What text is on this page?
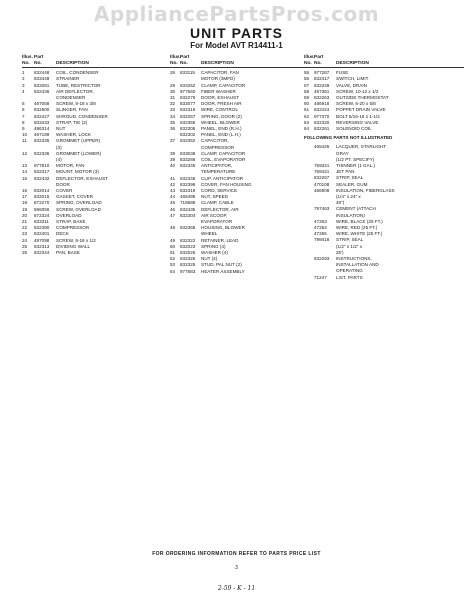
AppliancePartsPros.com
UNIT PARTS
For Model AVT R14411-1
Illus. Part
No. No.	DESCRIPTION
1	832448	COIL, CONDENSER
2	833449	STRAINER
3	833281	TUBE, RESTRICTOR
4	832436	AIR DEFLECTOR,
CONDENSER
5	487058	SCREW, 8-18 x 3/8
6	832500	SLINGER, FAN
7	832427	SHROUD, CONDENSER
8	833433	STRAP, TIE (2)
9	486314	NUT
10	467199	WASHER, LOCK
11	832335	GROMMET (UPPER)
(3)
12	832336	GROMMET (LOWER)
(4)
13	977810	MOTOR, FAN
14	832317	MOUNT, MOTOR (3)
15	832432	DEFLECTOR, EXHAUST
DOOR
16	832014	COVER
17	832015	GASKET, COVER
18	872270	SPRING, OVERLOAD
19	596056	SCREW, OVERLOAD
20	872324	OVERLOAD
21	833311	STRAP, BASE
22	832390	COMPRESSOR
23	832401	DECK
24	487098	SCREW, 8-18 x 1/2
25	832313	DIVIDING WALL
26	832344	PAN, BASE
Illus. Part
No. No.	DESCRIPTION
26	833115	CAPACITOR, FAN
MOTOR (3MFD)
29	833252	CLAMP, CAPACITOR
30	977560	FIBER WASHER
31	832276	DOOR, EXHAUST
32	833077	DOOR, FRESH AIR
33	832316	WIRE, CONTROL
34	832257	SPRING, DOOR (2)
35	832356	WHEEL, BLOWER
36	832306	PANEL, END (R.H.)
832302	PANEL, END (L.H.)
37	832352	CAPACITOR,
COMPRESSOR
38	833036	CLAMP, CAPACITOR
39	833286	COIL, EVAPORATOR
40	832345	ANTICIPATOR,
TEMPERATURE
41	832346	CLIP, ANTICIPATOR
42	832396	COVER, FAN HOUSING
43	832319	CORD, SERVICE
44	465495	NUT, SPEED
45	718686	CLAMP, CABLE
46	832435	DEFLECTOR, AIR
47	832304	AIR SCOOP,
EVAPORATOR
48	832368	HOUSING, BLOWER
WHEEL
49	832322	RETAINER, LEAD
50	832023	SPRING (4)
51	832026	WASHER (4)
52	832326	NUT (4)
53	832325	STUD, PAL NUT (2)
54	977683	HEATER ASSEMBLY
Illus. Part
No. No.	DESCRIPTION
55	977267	FUSE
56	832417	SWITCH, LIMIT
57	832349	VALVE, DRAIN
58	487361	SCREW, 10-12 x 1/2
59	832263	OUTSIDE THERMOSTAT
60	486918	SCREW, 6-20 x 5/8
61	832424	POPPET DRAIN VALVE
62	977370	BOLT 5/16-18 x 1-1/2
63	832320	REVERSING VALVE
64	832261	SOLENOID COIL
FOLLOWING PARTS NOT ILLUSTRATED
465426	LACQUER, STARLIGHT
GRAY
(1/2 PT. SPECIFY)
759321	THINNER (1 GAL.)
759421	JET PAN
832267	STRIP, SEAL
470108	SEALER, GUM
466908	INSULATION, FIBERGLASS
(1/4" x 24" x
48")
797463	CEMENT (ATTACH
INSULATION)
47263	WIRE, BLACK (25 FT.)
47264	WIRE, RED (25 FT.)
47265	WIRE, WHITE (25 FT.)
799418	STRIP, SEAL
(1/2" x 1/2" x
25')
832293	INSTRUCTIONS,
INSTALLATION AND
OPERATING
71247	LIST, PARTS
FOR ORDERING INFORMATION REFER TO PARTS PRICE LIST
3
2-59 - K - 11
